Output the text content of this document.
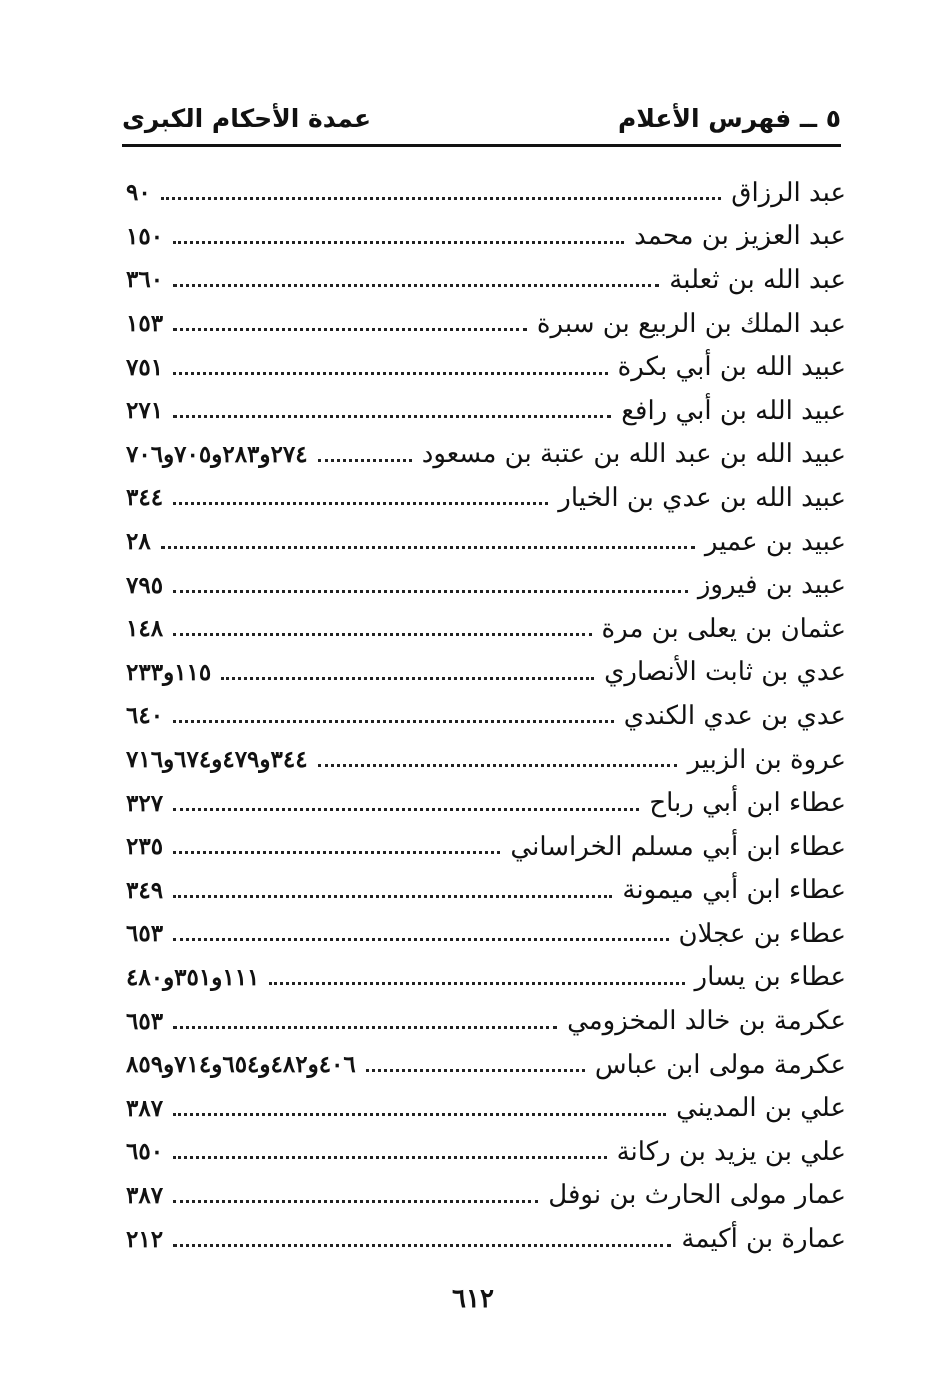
٥ ــ فهرس الأعلام
عمدة الأحكام الكبرى
عبد الرزاق
٩٠
عبد العزيز بن محمد
١٥٠
عبد الله بن ثعلبة
٣٦٠
عبد الملك بن الربيع بن سبرة
١٥٣
عبيد الله بن أبي بكرة
٧٥١
عبيد الله بن أبي رافع
٢٧١
عبيد الله بن عبد الله بن عتبة بن مسعود
٢٧٤و٢٨٣و٧٠٥و٧٠٦
عبيد الله بن عدي بن الخيار
٣٤٤
عبيد بن عمير
٢٨
عبيد بن فيروز
٧٩٥
عثمان بن يعلى بن مرة
١٤٨
عدي بن ثابت الأنصاري
١١٥و٢٣٣
عدي بن عدي الكندي
٦٤٠
عروة بن الزبير
٣٤٤و٤٧٩و٦٧٤و٧١٦
عطاء ابن أبي رباح
٣٢٧
عطاء ابن أبي مسلم الخراساني
٢٣٥
عطاء ابن أبي ميمونة
٣٤٩
عطاء بن عجلان
٦٥٣
عطاء بن يسار
١١١و٣٥١و٤٨٠
عكرمة بن خالد المخزومي
٦٥٣
عكرمة مولى ابن عباس
٤٠٦و٤٨٢و٦٥٤و٧١٤و٨٥٩
علي بن المديني
٣٨٧
علي بن يزيد بن ركانة
٦٥٠
عمار مولى الحارث بن نوفل
٣٨٧
عمارة بن أكيمة
٢١٢
٦١٢
